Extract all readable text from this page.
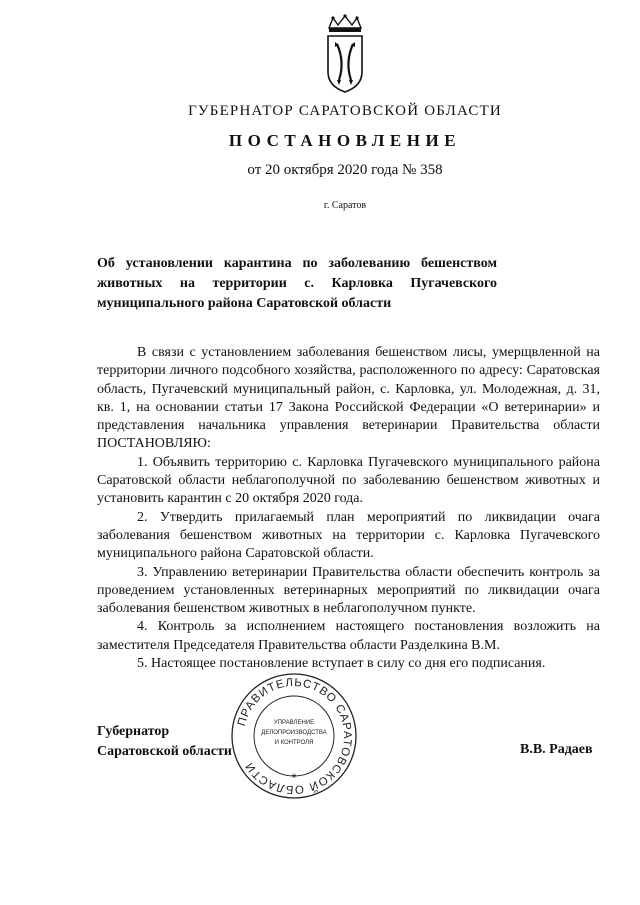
ГУБЕРНАТОР САРАТОВСКОЙ ОБЛАСТИ
ПОСТАНОВЛЕНИЕ
от 20 октября 2020 года № 358
г. Саратов
Об установлении карантина по заболеванию бешенством животных на территории с. Карловка Пугачевского муниципального района Саратовской области

В связи с установлением заболевания бешенством лисы, умерщвленной на территории личного подсобного хозяйства, расположенного по адресу: Саратовская область, Пугачевский муниципальный район, с. Карловка, ул. Молодежная, д. 31, кв. 1, на основании статьи 17 Закона Российской Федерации «О ветеринарии» и представления начальника управления ветеринарии Правительства области ПОСТАНОВЛЯЮ:

1. Объявить территорию с. Карловка Пугачевского муниципального района Саратовской области неблагополучной по заболеванию бешенством животных и установить карантин с 20 октября 2020 года.

2. Утвердить прилагаемый план мероприятий по ликвидации очага заболевания бешенством животных на территории с. Карловка Пугачевского муниципального района Саратовской области.

3. Управлению ветеринарии Правительства области обеспечить контроль за проведением установленных ветеринарных мероприятий по ликвидации очага заболевания бешенством животных в неблагополучном пункте.

4. Контроль за исполнением настоящего постановления возложить на заместителя Председателя Правительства области Разделкина В.М.

5. Настоящее постановление вступает в силу со дня его подписания.

Губернатор
Саратовской области	В.В. Радаев
ПРАВИТЕЛЬСТВО САРАТОВСКОЙ ОБЛАСТИ
УПРАВЛЕНИЕ
ДЕЛОПРОИЗВОДСТВА
И КОНТРОЛЯ
*
